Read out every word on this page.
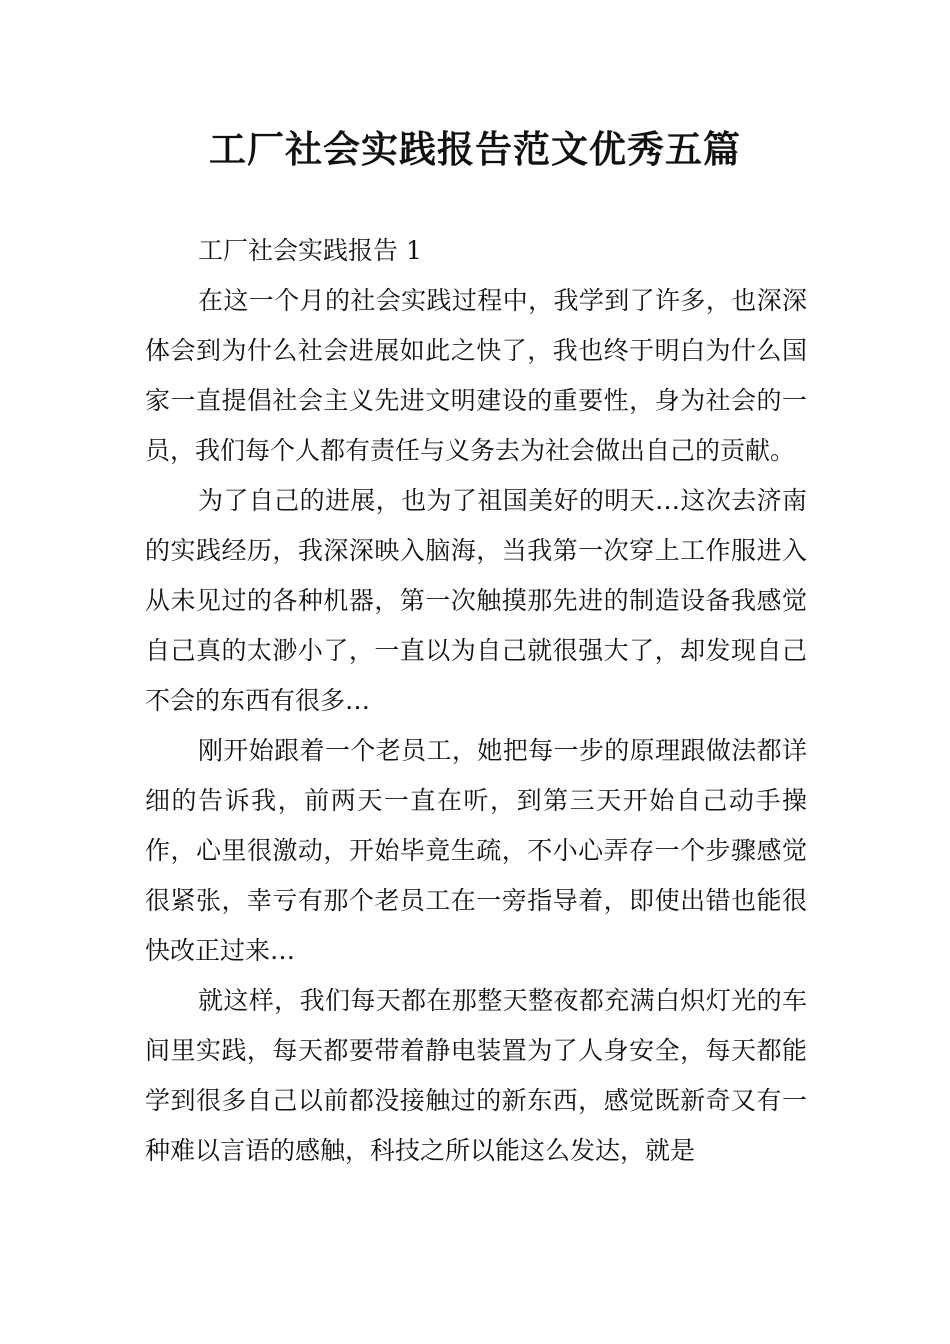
工厂社会实践报告范文优秀五篇

工厂社会实践报告 1

在这一个月的社会实践过程中，我学到了许多，也深深体会到为什么社会进展如此之快了，我也终于明白为什么国家一直提倡社会主义先进文明建设的重要性，身为社会的一员，我们每个人都有责任与义务去为社会做出自己的贡献。

为了自己的进展，也为了祖国美好的明天…这次去济南的实践经历，我深深映入脑海，当我第一次穿上工作服进入从未见过的各种机器，第一次触摸那先进的制造设备我感觉自己真的太渺小了，一直以为自己就很强大了，却发现自己不会的东西有很多…

刚开始跟着一个老员工，她把每一步的原理跟做法都详细的告诉我，前两天一直在听，到第三天开始自己动手操作，心里很激动，开始毕竟生疏，不小心弄存一个步骤感觉很紧张，幸亏有那个老员工在一旁指导着，即使出错也能很快改正过来…

就这样，我们每天都在那整天整夜都充满白炽灯光的车间里实践，每天都要带着静电装置为了人身安全，每天都能学到很多自己以前都没接触过的新东西，感觉既新奇又有一种难以言语的感触，科技之所以能这么发达，就是
